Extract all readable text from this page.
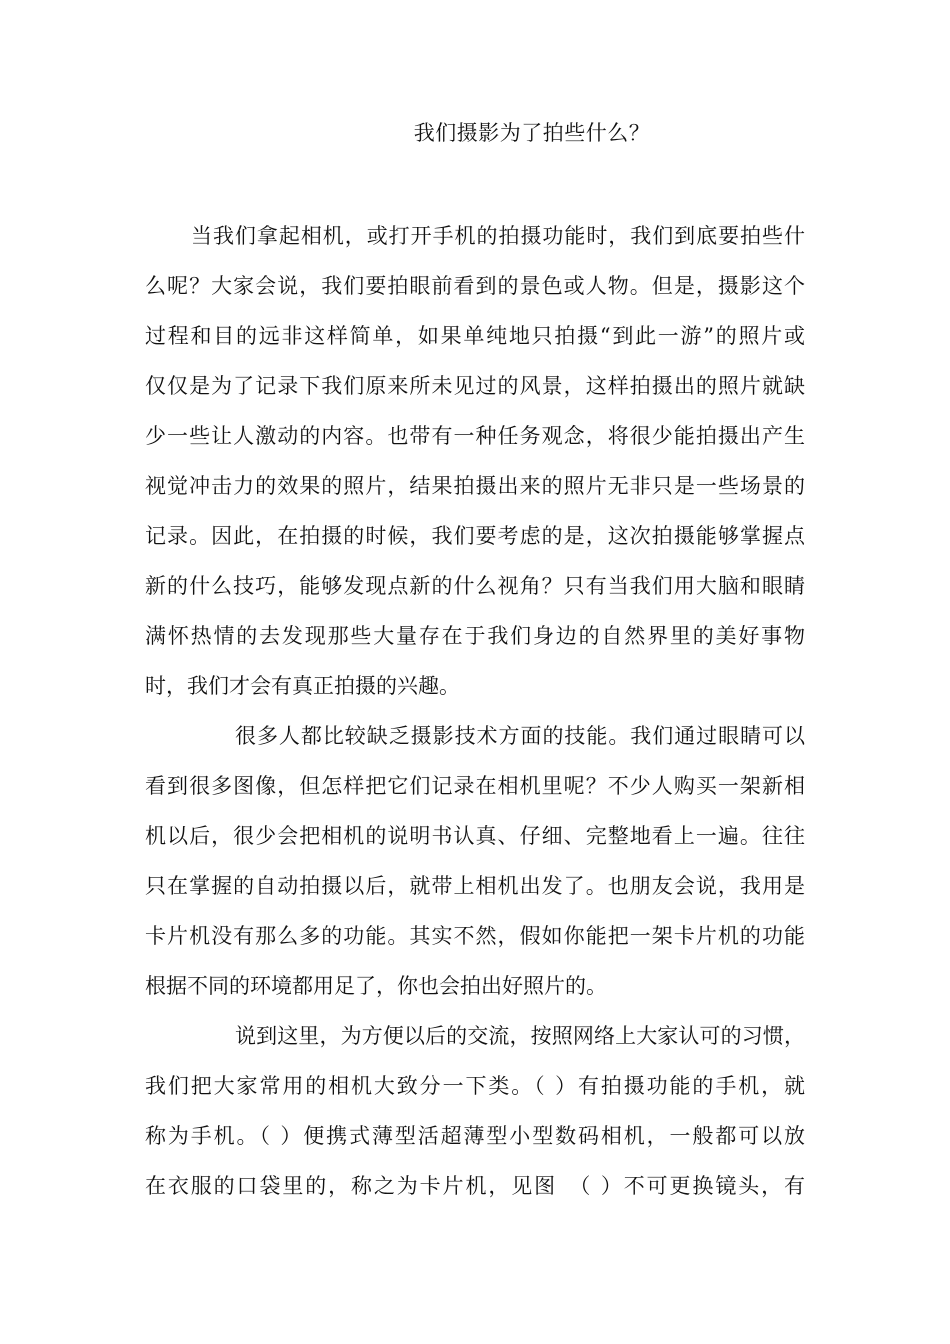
我们摄影为了拍些什么？
当我们拿起相机，或打开手机的拍摄功能时，我们到底要拍些什
么呢？大家会说，我们要拍眼前看到的景色或人物。但是，摄影这个
过程和目的远非这样简单，如果单纯地只拍摄“到此一游”的照片或
仅仅是为了记录下我们原来所未见过的风景，这样拍摄出的照片就缺
少一些让人激动的内容。也带有一种任务观念，将很少能拍摄出产生
视觉冲击力的效果的照片，结果拍摄出来的照片无非只是一些场景的
记录。因此，在拍摄的时候，我们要考虑的是，这次拍摄能够掌握点
新的什么技巧，能够发现点新的什么视角？只有当我们用大脑和眼睛
满怀热情的去发现那些大量存在于我们身边的自然界里的美好事物
时，我们才会有真正拍摄的兴趣。
很多人都比较缺乏摄影技术方面的技能。我们通过眼睛可以
看到很多图像，但怎样把它们记录在相机里呢？不少人购买一架新相
机以后，很少会把相机的说明书认真、仔细、完整地看上一遍。往往
只在掌握的自动拍摄以后，就带上相机出发了。也朋友会说，我用是
卡片机没有那么多的功能。其实不然，假如你能把一架卡片机的功能
根据不同的环境都用足了，你也会拍出好照片的。
说到这里，为方便以后的交流，按照网络上大家认可的习惯，
我们把大家常用的相机大致分一下类。（ ）有拍摄功能的手机，就
称为手机。（ ）便携式薄型活超薄型小型数码相机，一般都可以放
在衣服的口袋里的，称之为卡片机，见图　（ ）不可更换镜头，有
